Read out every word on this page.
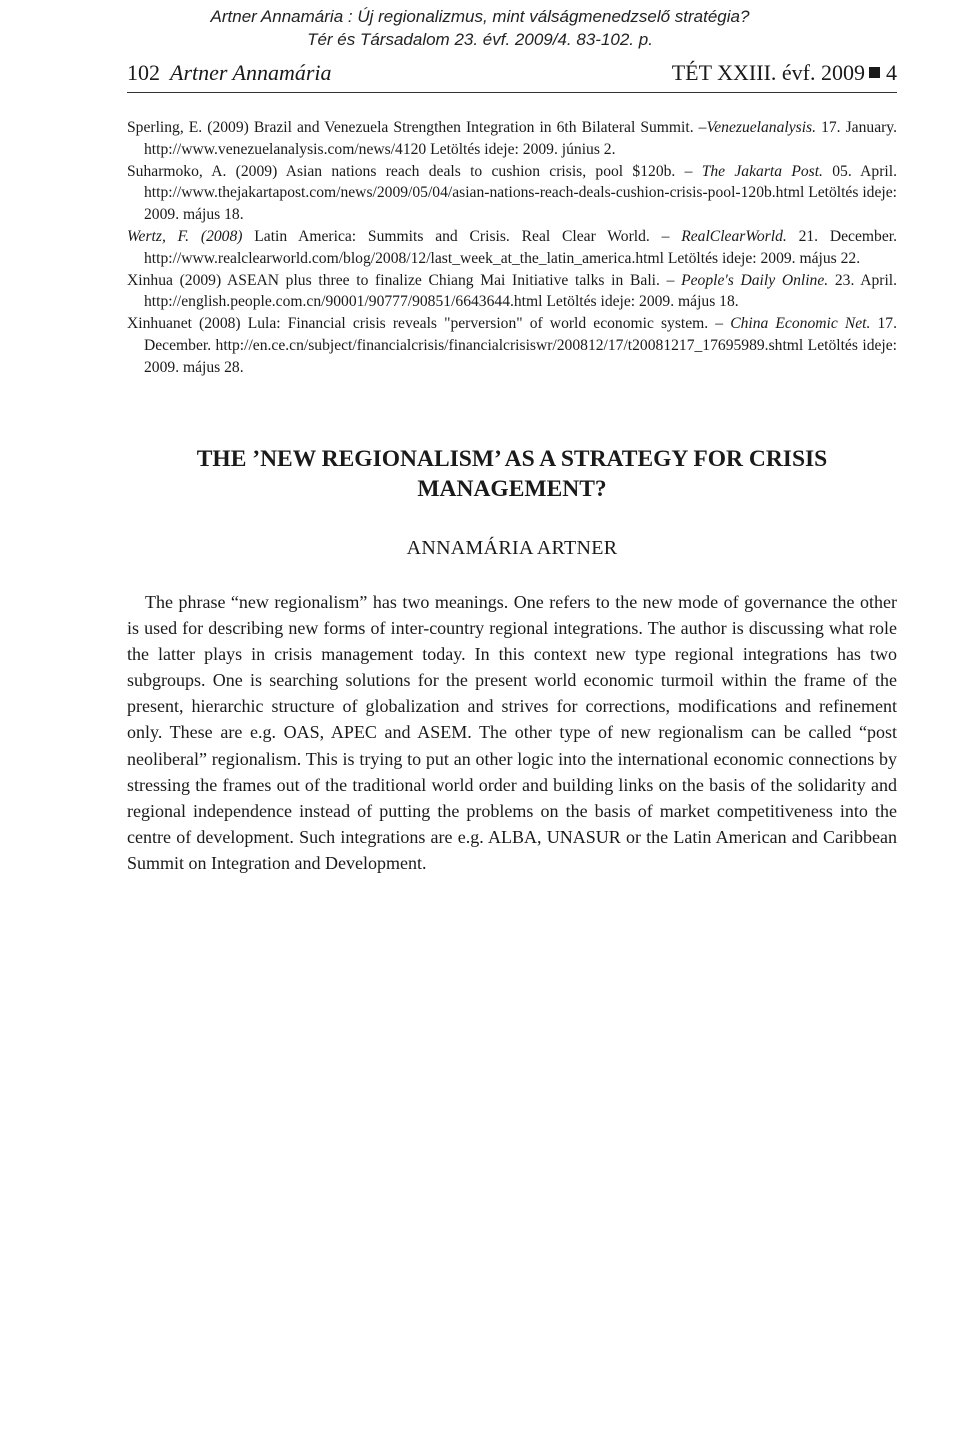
Artner Annamária : Új regionalizmus, mint válságmenedzselő stratégia?
Tér és Társadalom 23. évf. 2009/4. 83-102. p.
102 Artner Annamária	TÉT XXIII. évf. 2009 4
Sperling, E. (2009) Brazil and Venezuela Strengthen Integration in 6th Bilateral Summit. –Venezuelanalysis. 17. January. http://www.venezuelanalysis.com/news/4120 Letöltés ideje: 2009. június 2.
Suharmoko, A. (2009) Asian nations reach deals to cushion crisis, pool $120b. – The Jakarta Post. 05. April. http://www.thejakartapost.com/news/2009/05/04/asian-nations-reach-deals-cushion-crisis-pool-120b.html Letöltés ideje: 2009. május 18.
Wertz, F. (2008) Latin America: Summits and Crisis. Real Clear World. – RealClearWorld. 21. December. http://www.realclearworld.com/blog/2008/12/last_week_at_the_latin_america.html Letöltés ideje: 2009. május 22.
Xinhua (2009) ASEAN plus three to finalize Chiang Mai Initiative talks in Bali. – People's Daily Online. 23. April. http://english.people.com.cn/90001/90777/90851/6643644.html Letöltés ideje: 2009. május 18.
Xinhuanet (2008) Lula: Financial crisis reveals "perversion" of world economic system. – China Economic Net. 17. December. http://en.ce.cn/subject/financialcrisis/financialcrisiswr/200812/17/t20081217_17695989.shtml Letöltés ideje: 2009. május 28.
THE ’NEW REGIONALISM’ AS A STRATEGY FOR CRISIS
MANAGEMENT?
ANNAMÁRIA ARTNER

The phrase “new regionalism” has two meanings. One refers to the new mode of governance the other is used for describing new forms of inter-country regional integrations. The author is discussing what role the latter plays in crisis management today. In this context new type regional integrations has two subgroups. One is searching solutions for the present world economic turmoil within the frame of the present, hierarchic structure of globalization and strives for corrections, modifications and refinement only. These are e.g. OAS, APEC and ASEM. The other type of new regionalism can be called “post neoliberal” regionalism. This is trying to put an other logic into the international economic connections by stressing the frames out of the traditional world order and building links on the basis of the solidarity and regional independence instead of putting the problems on the basis of market competitiveness into the centre of development. Such integrations are e.g. ALBA, UNASUR or the Latin American and Caribbean Summit on Integration and Development.
